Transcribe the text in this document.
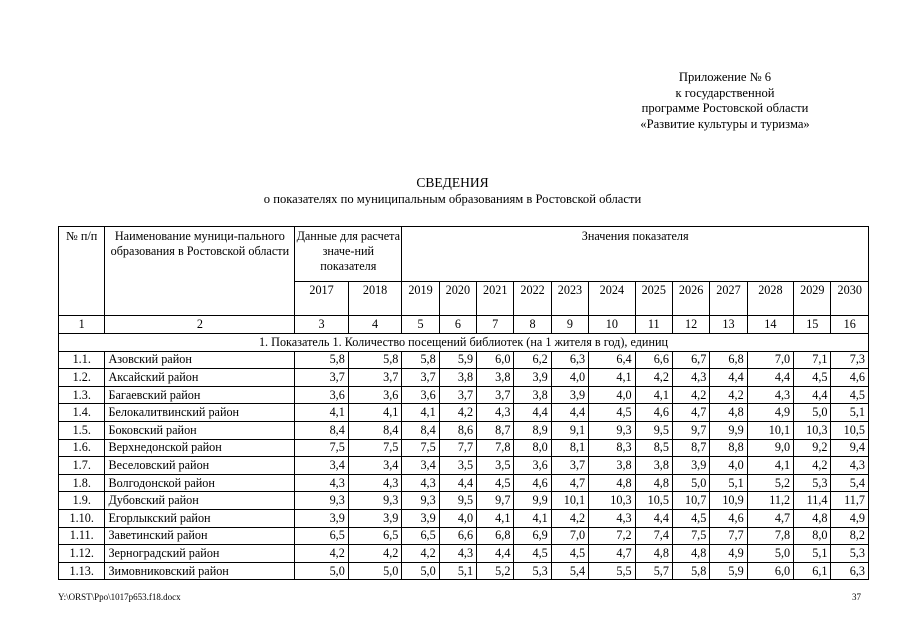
Приложение № 6
к государственной
программе Ростовской области
«Развитие культуры и туризма»
СВЕДЕНИЯ
о показателях по муниципальным образованиям в Ростовской области
№ п/п	Наименование муници-пального образования в Ростовской области	Данные для расчета значе-ний показателя		Значения показателя											
		2017	2018	2019	2020	2021	2022	2023	2024	2025	2026	2027	2028	2029	2030
1	2	3	4	5	6	7	8	9	10	11	12	13	14	15	16
1. Показатель 1. Количество посещений библиотек (на 1 жителя в год), единиц															
1.1.	Азовский район	5,8	5,8	5,8	5,9	6,0	6,2	6,3	6,4	6,6	6,7	6,8	7,0	7,1	7,3
1.2.	Аксайский район	3,7	3,7	3,7	3,8	3,8	3,9	4,0	4,1	4,2	4,3	4,4	4,4	4,5	4,6
1.3.	Багаевский район	3,6	3,6	3,6	3,7	3,7	3,8	3,9	4,0	4,1	4,2	4,2	4,3	4,4	4,5
1.4.	Белокалитвинский район	4,1	4,1	4,1	4,2	4,3	4,4	4,4	4,5	4,6	4,7	4,8	4,9	5,0	5,1
1.5.	Боковский район	8,4	8,4	8,4	8,6	8,7	8,9	9,1	9,3	9,5	9,7	9,9	10,1	10,3	10,5
1.6.	Верхнедонской район	7,5	7,5	7,5	7,7	7,8	8,0	8,1	8,3	8,5	8,7	8,8	9,0	9,2	9,4
1.7.	Веселовский район	3,4	3,4	3,4	3,5	3,5	3,6	3,7	3,8	3,8	3,9	4,0	4,1	4,2	4,3
1.8.	Волгодонской район	4,3	4,3	4,3	4,4	4,5	4,6	4,7	4,8	4,8	5,0	5,1	5,2	5,3	5,4
1.9.	Дубовский район	9,3	9,3	9,3	9,5	9,7	9,9	10,1	10,3	10,5	10,7	10,9	11,2	11,4	11,7
1.10.	Егорлыкский район	3,9	3,9	3,9	4,0	4,1	4,1	4,2	4,3	4,4	4,5	4,6	4,7	4,8	4,9
1.11.	Заветинский район	6,5	6,5	6,5	6,6	6,8	6,9	7,0	7,2	7,4	7,5	7,7	7,8	8,0	8,2
1.12.	Зерноградский район	4,2	4,2	4,2	4,3	4,4	4,5	4,5	4,7	4,8	4,8	4,9	5,0	5,1	5,3
1.13.	Зимовниковский район	5,0	5,0	5,0	5,1	5,2	5,3	5,4	5,5	5,7	5,8	5,9	6,0	6,1	6,3
Y:\ORST\Ppo\1017p653.f18.docx	37
